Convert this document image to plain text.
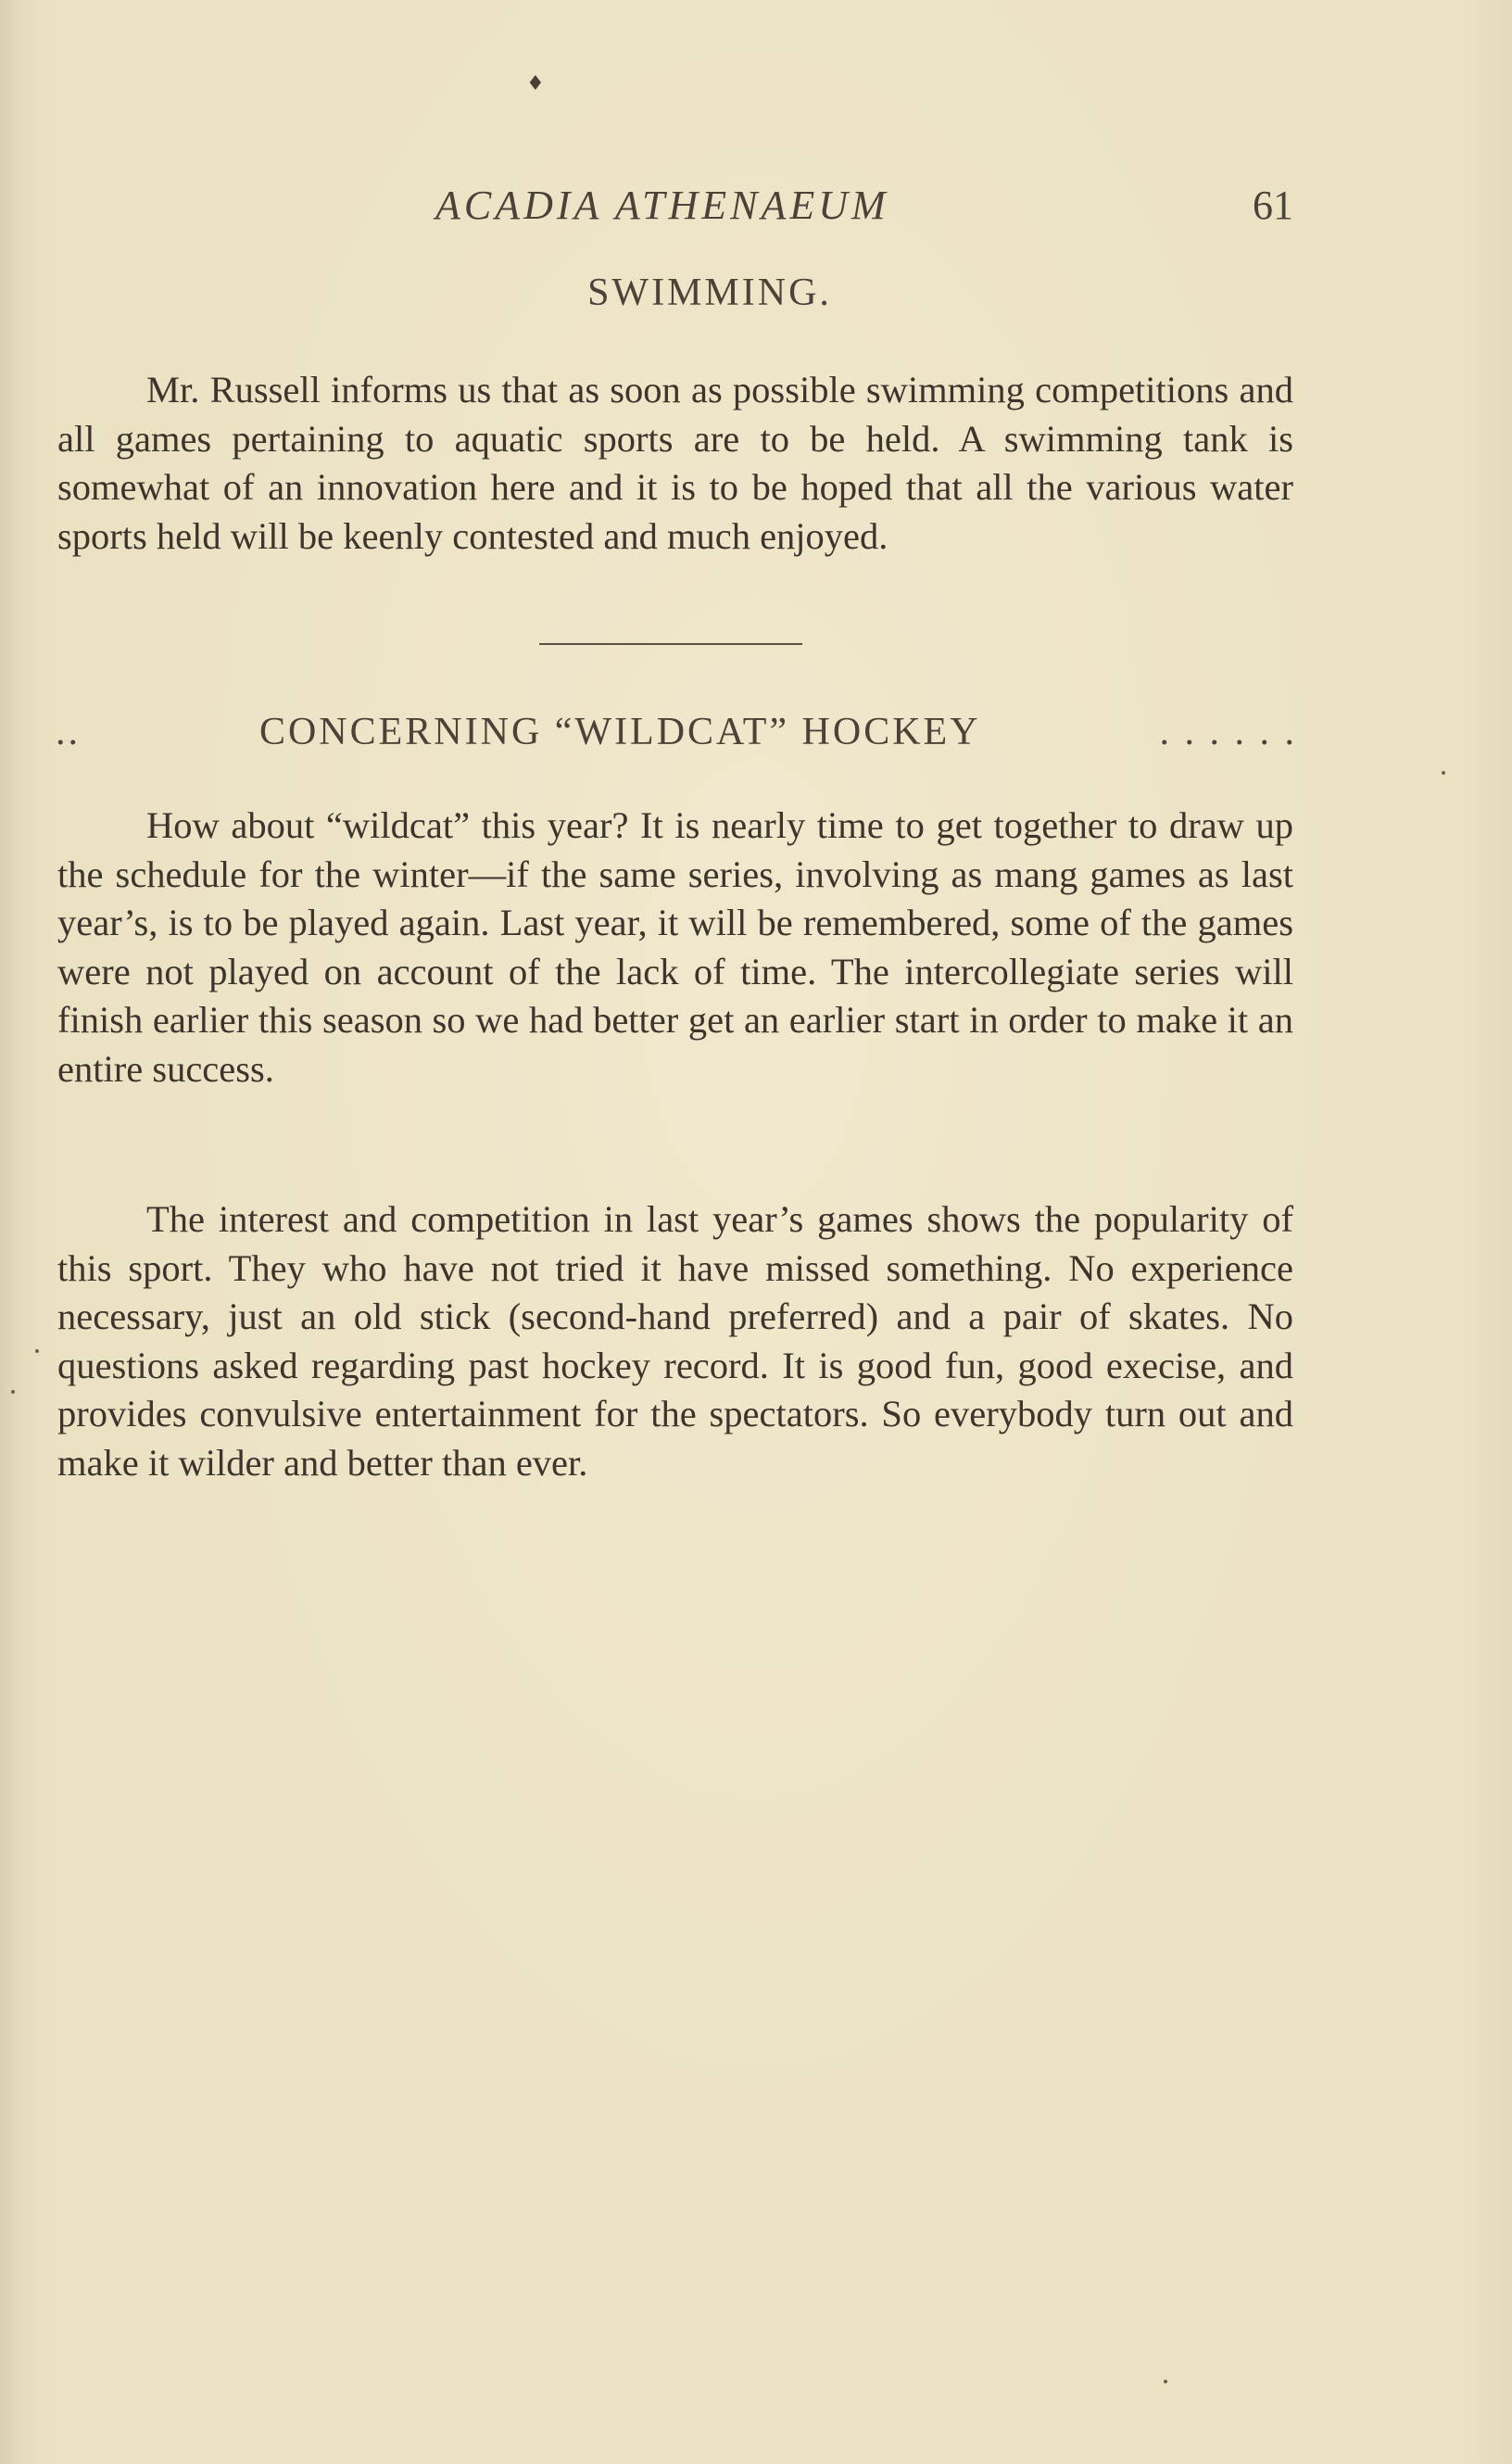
♦
ACADIA ATHENAEUM	61
SWIMMING.

Mr. Russell informs us that as soon as possible swimming competitions and all games pertaining to aquatic sports are to be held. A swimming tank is somewhat of an innovation here and it is to be hoped that all the various water sports held will be keenly contested and much enjoyed.

..	CONCERNING “WILDCAT” HOCKEY	. . . . . .

How about “wildcat” this year? It is nearly time to get together to draw up the schedule for the winter—if the same series, involving as mang games as last year’s, is to be played again. Last year, it will be remembered, some of the games were not played on account of the lack of time. The intercollegiate series will finish earlier this season so we had better get an earlier start in order to make it an entire success.

The interest and competition in last year’s games shows the popularity of this sport. They who have not tried it have missed something. No experience necessary, just an old stick (second-hand preferred) and a pair of skates. No questions asked regarding past hockey record. It is good fun, good execise, and provides convulsive entertainment for the spectators. So everybody turn out and make it wilder and better than ever.
